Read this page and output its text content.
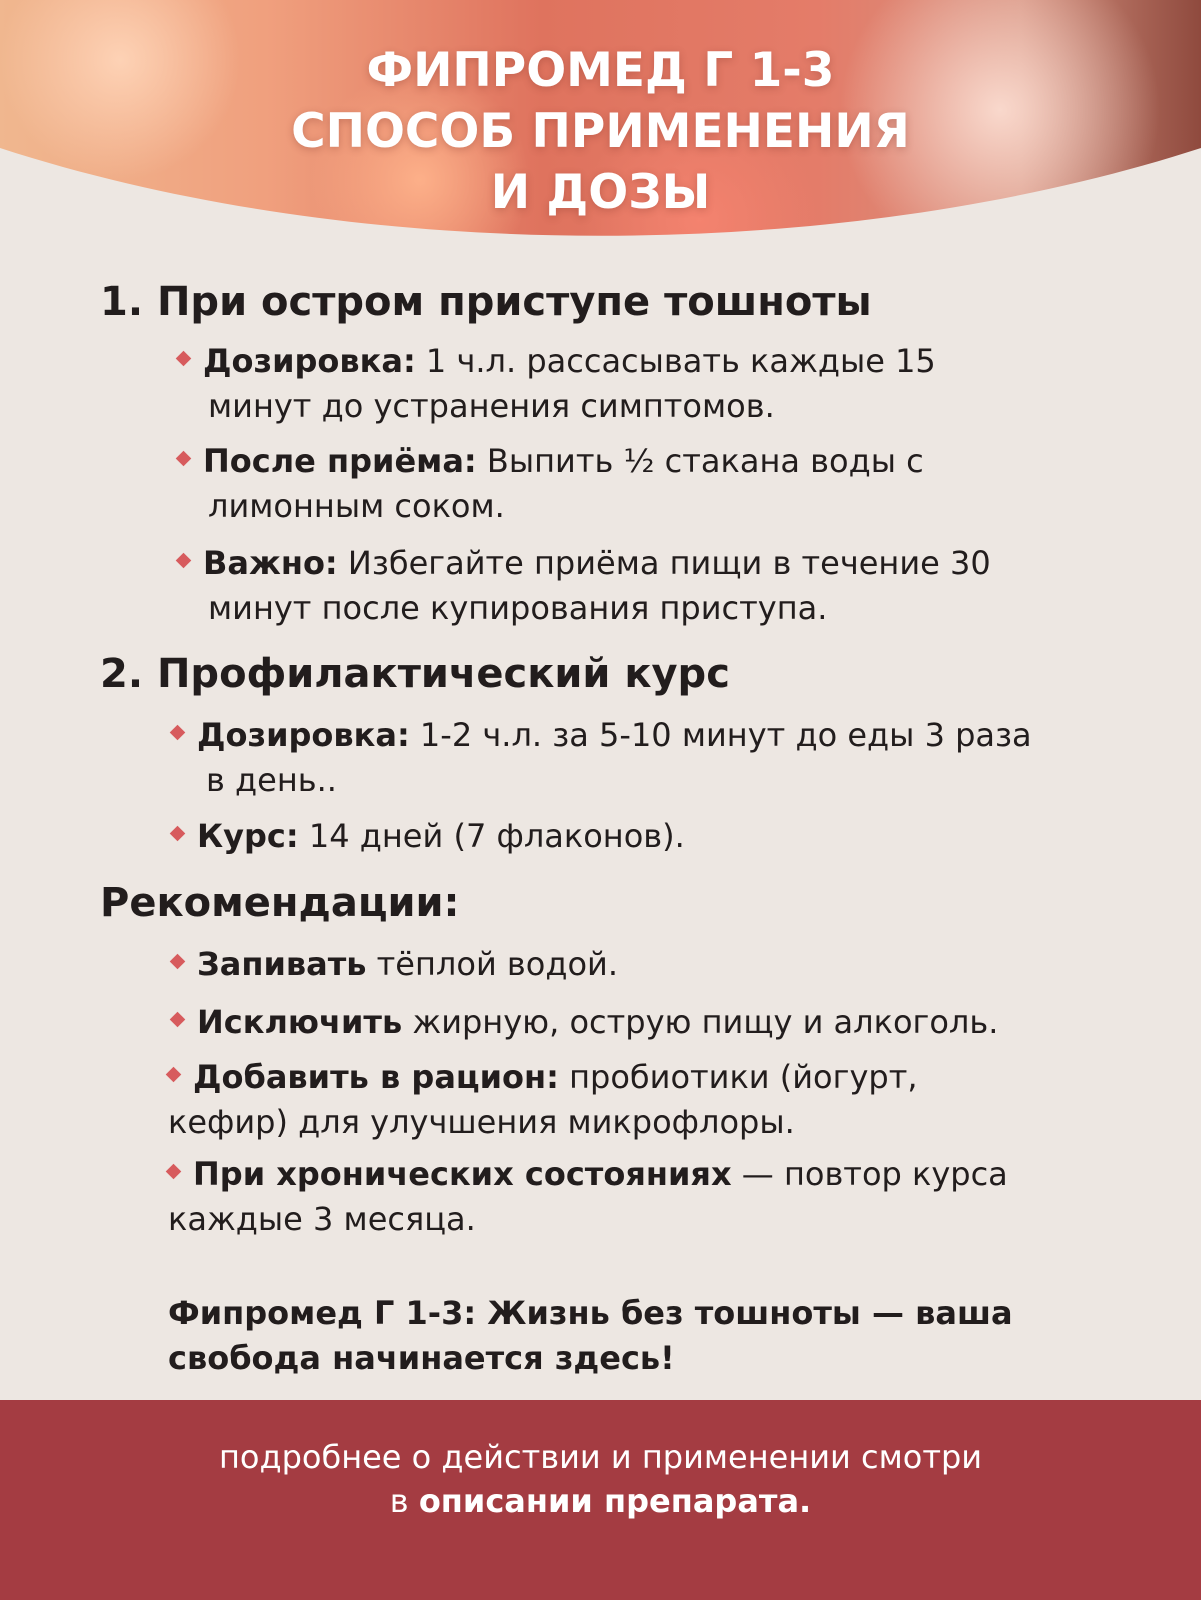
ФИПРОМЕД Г 1-3
СПОСОБ ПРИМЕНЕНИЯ
И ДОЗЫ
1. При остром приступе тошноты
Дозировка: 1 ч.л. рассасывать каждые 15
минут до устранения симптомов.
После приёма: Выпить ½ стакана воды с
лимонным соком.
Важно: Избегайте приёма пищи в течение 30
минут после купирования приступа.
2. Профилактический курс
Дозировка: 1-2 ч.л. за 5-10 минут до еды 3 раза
в день..
Курс: 14 дней (7 флаконов).
Рекомендации:
Запивать тёплой водой.
Исключить жирную, острую пищу и алкоголь.
Добавить в рацион: пробиотики (йогурт,
кефир) для улучшения микрофлоры.
При хронических состояниях — повтор курса
каждые 3 месяца.
Фипромед Г 1-3: Жизнь без тошноты — ваша
свобода начинается здесь!
подробнее о действии и применении смотри
в описании препарата.
